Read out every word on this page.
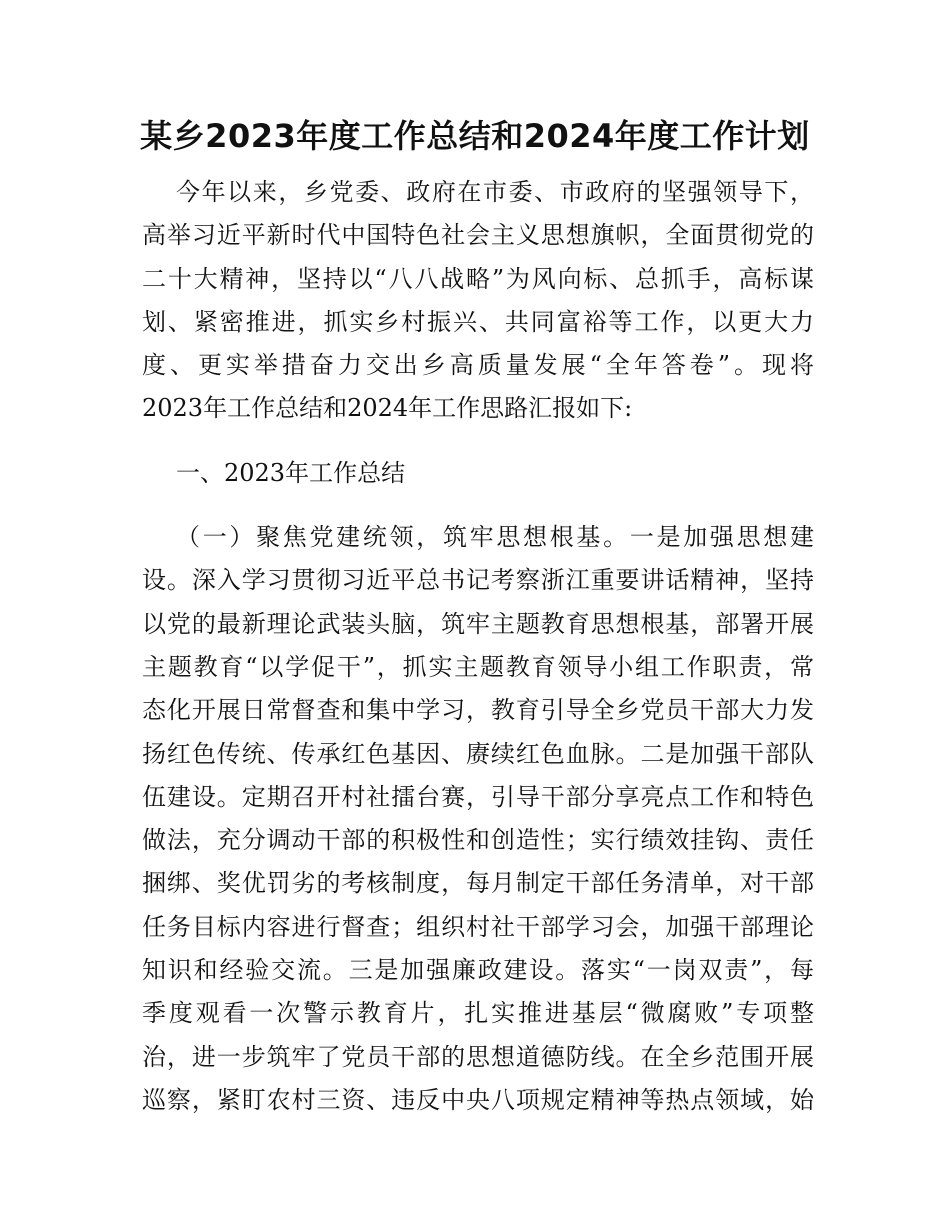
某乡2023年度工作总结和2024年度工作计划
今年以来，乡党委、政府在市委、市政府的坚强领导下，
高举习近平新时代中国特色社会主义思想旗帜，全面贯彻党的
二十大精神，坚持以“八八战略”为风向标、总抓手，高标谋
划、紧密推进，抓实乡村振兴、共同富裕等工作，以更大力
度、更实举措奋力交出乡高质量发展“全年答卷”。现将
2023年工作总结和2024年工作思路汇报如下:
一、2023年工作总结
（一）聚焦党建统领，筑牢思想根基。一是加强思想建
设。深入学习贯彻习近平总书记考察浙江重要讲话精神，坚持
以党的最新理论武装头脑，筑牢主题教育思想根基，部署开展
主题教育“以学促干”，抓实主题教育领导小组工作职责，常
态化开展日常督查和集中学习，教育引导全乡党员干部大力发
扬红色传统、传承红色基因、赓续红色血脉。二是加强干部队
伍建设。定期召开村社擂台赛，引导干部分享亮点工作和特色
做法，充分调动干部的积极性和创造性；实行绩效挂钩、责任
捆绑、奖优罚劣的考核制度，每月制定干部任务清单，对干部
任务目标内容进行督查；组织村社干部学习会，加强干部理论
知识和经验交流。三是加强廉政建设。落实“一岗双责”，每
季度观看一次警示教育片，扎实推进基层“微腐败”专项整
治，进一步筑牢了党员干部的思想道德防线。在全乡范围开展
巡察，紧盯农村三资、违反中央八项规定精神等热点领域，始
